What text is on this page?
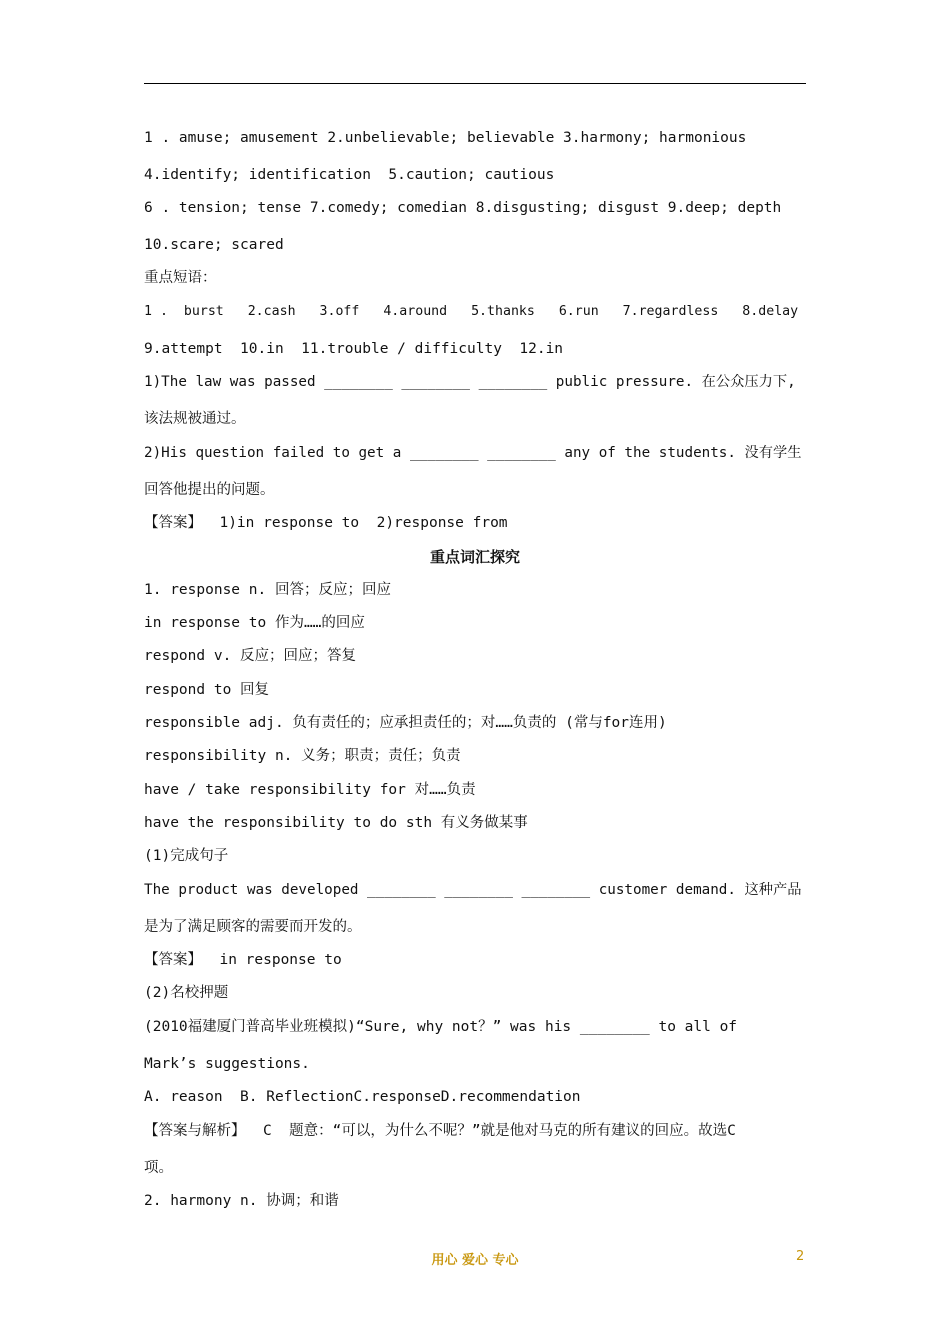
1 . amuse; amusement 2.unbelievable; believable 3.harmony; harmonious
4.identify; identification  5.caution; cautious
6 . tension; tense 7.comedy; comedian 8.disgusting; disgust 9.deep; depth
10.scare; scared
重点短语：
1 .  burst   2.cash   3.off   4.around   5.thanks   6.run   7.regardless   8.delay
9.attempt  10.in  11.trouble / difficulty  12.in
1)The law was passed ________ ________ ________ public pressure. 在公众压力下,
该法规被通过。
2)His question failed to get a ________ ________ any of the students. 没有学生
回答他提出的问题。
【答案】  1)in response to  2)response from
重点词汇探究
1. response n. 回答；反应；回应
in response to 作为……的回应
respond v. 反应；回应；答复
respond to 回复
responsible adj. 负有责任的；应承担责任的；对……负责的 (常与for连用)
responsibility n. 义务；职责；责任；负责
have / take responsibility for 对……负责
have the responsibility to do sth 有义务做某事
(1)完成句子
The product was developed ________ ________ ________ customer demand. 这种产品
是为了满足顾客的需要而开发的。
【答案】  in response to
(2)名校押题
(2010福建厦门普高毕业班模拟)“Sure, why not？” was his ________ to all of
Mark’s suggestions.
A. reason  B. ReflectionC.responseD.recommendation
【答案与解析】  C  题意：“可以，为什么不呢？”就是他对马克的所有建议的回应。故选C
项。
2. harmony n. 协调；和谐
用心 爱心 专心	2
